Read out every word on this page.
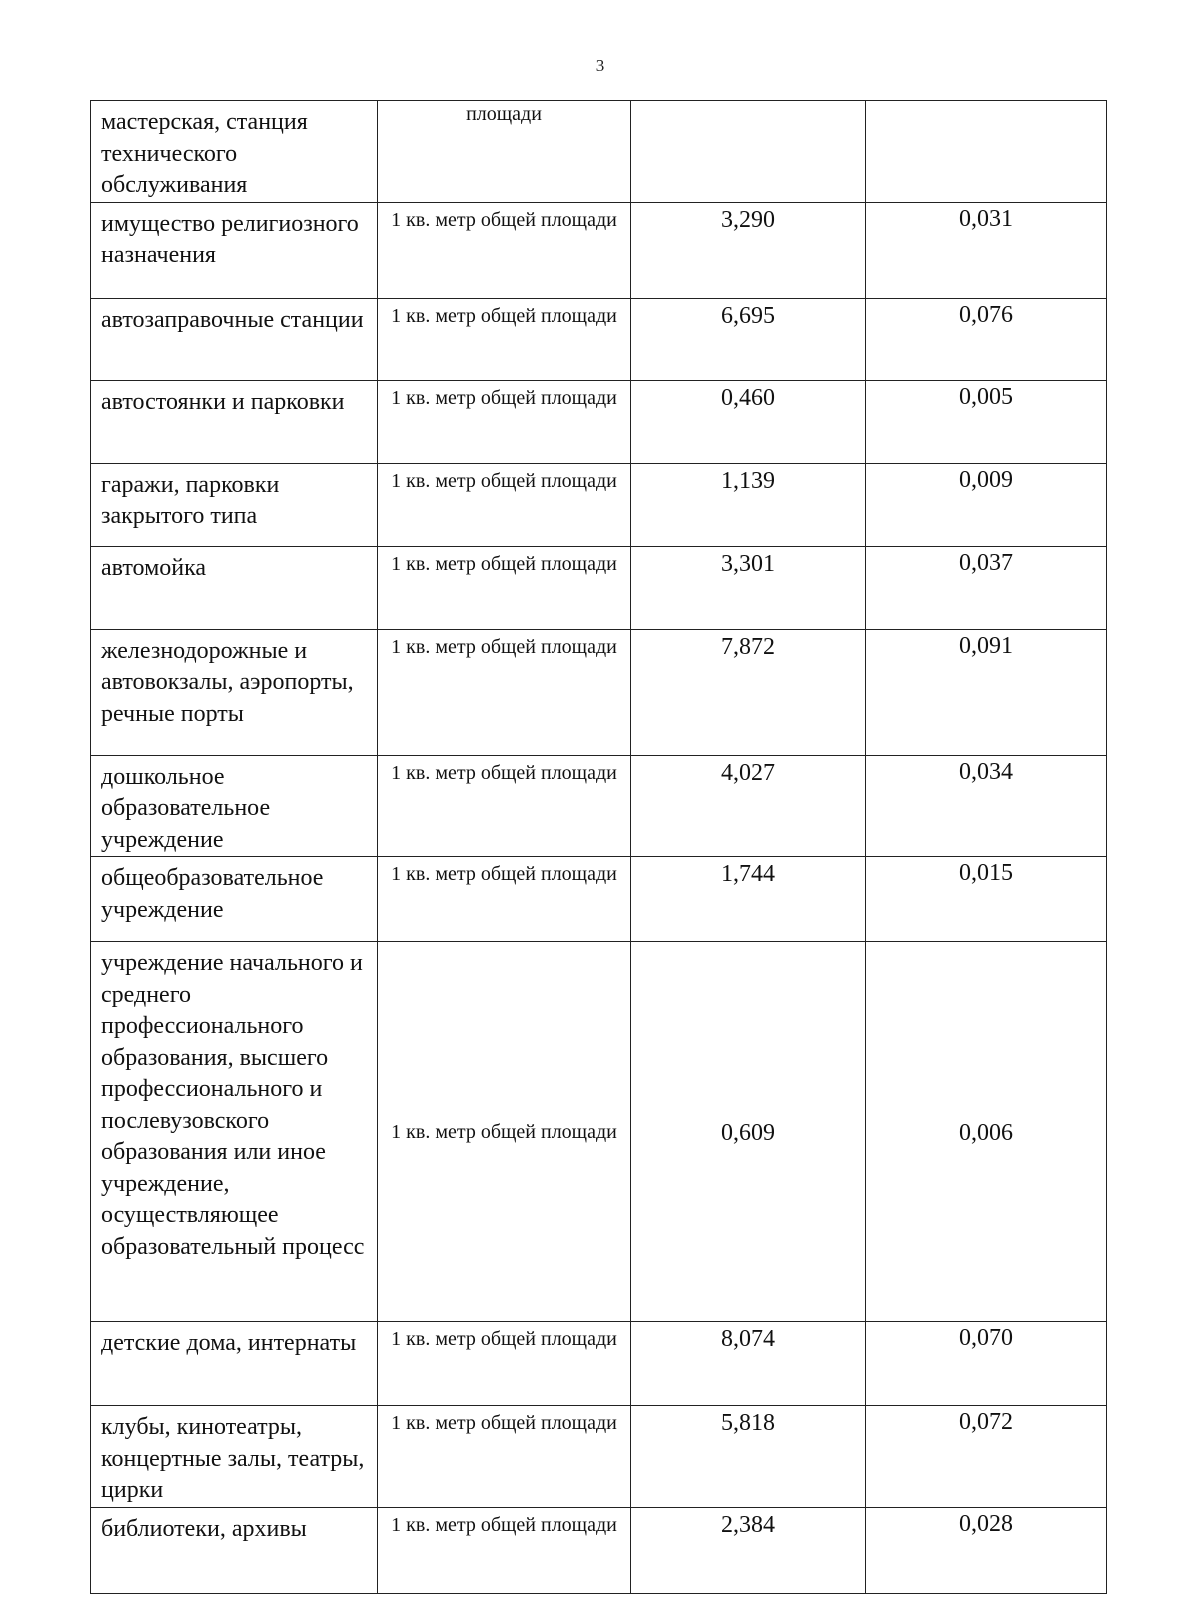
3
мастерская, станция технического обслуживания	площади		
имущество религиозного назначения	1 кв. метр общей площади	3,290	0,031
автозаправочные станции	1 кв. метр общей площади	6,695	0,076
автостоянки и парковки	1 кв. метр общей площади	0,460	0,005
гаражи, парковки закрытого типа	1 кв. метр общей площади	1,139	0,009
автомойка	1 кв. метр общей площади	3,301	0,037
железнодорожные и автовокзалы, аэропорты, речные порты	1 кв. метр общей площади	7,872	0,091
дошкольное образовательное учреждение	1 кв. метр общей площади	4,027	0,034
общеобразовательное учреждение	1 кв. метр общей площади	1,744	0,015
учреждение начального и среднего профессионального образования, высшего профессионального и послевузовского образования или иное учреждение, осуществляющее образовательный процесс	1 кв. метр общей площади	0,609	0,006
детские дома, интернаты	1 кв. метр общей площади	8,074	0,070
клубы, кинотеатры, концертные залы, театры, цирки	1 кв. метр общей площади	5,818	0,072
библиотеки, архивы	1 кв. метр общей площади	2,384	0,028
